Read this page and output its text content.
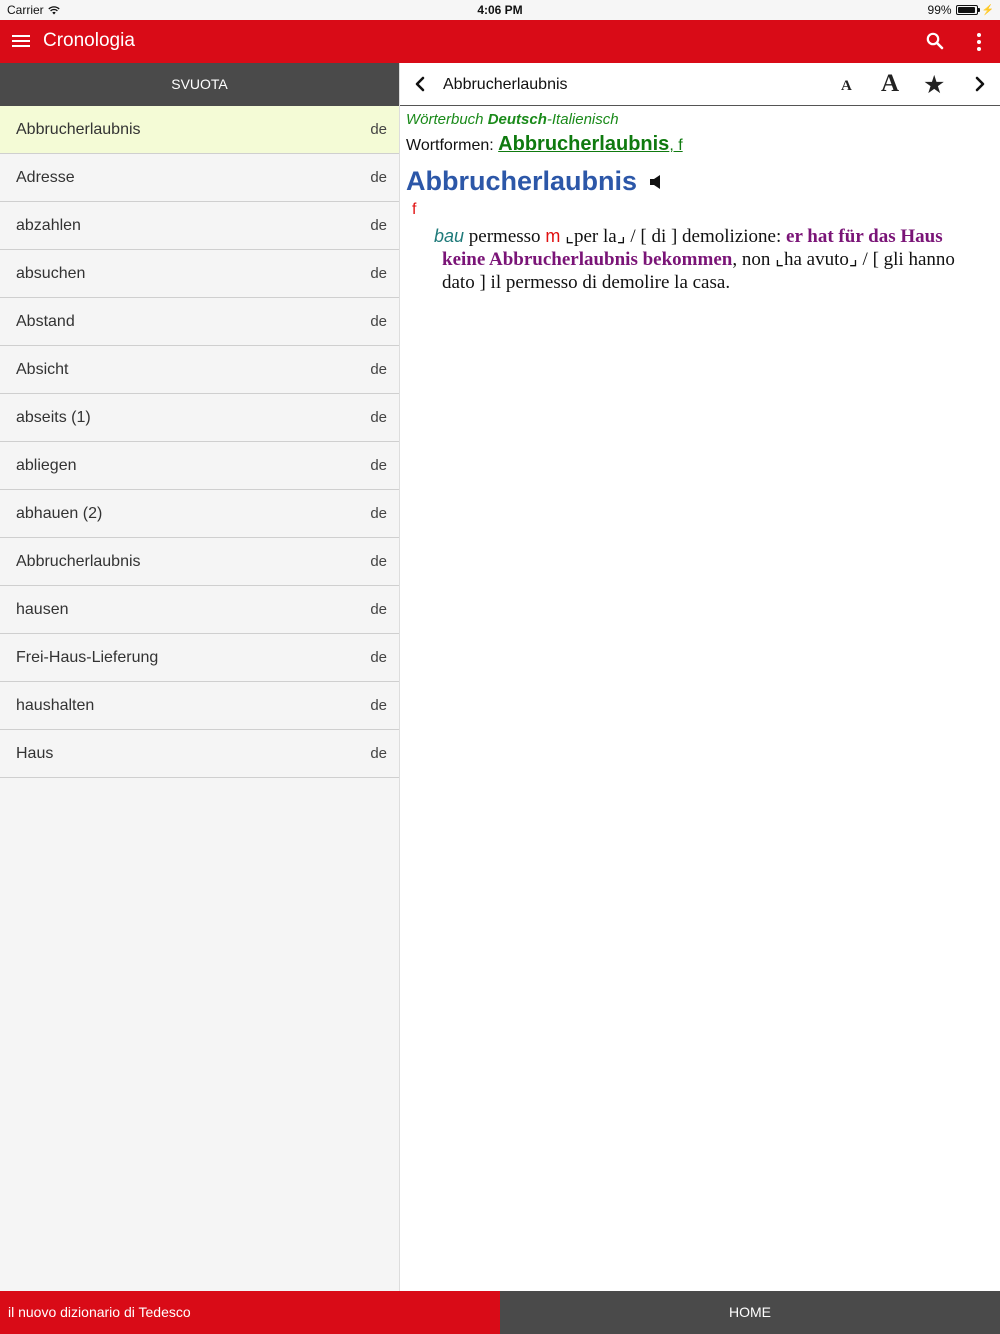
Carrier	4:06 PM	99%	⚡
Cronologia
SVUOTA
Abbrucherlaubnis	de
Adresse	de
abzahlen	de
absuchen	de
Abstand	de
Absicht	de
abseits (1)	de
abliegen	de
abhauen (2)	de
Abbrucherlaubnis	de
hausen	de
Frei-Haus-Lieferung	de
haushalten	de
Haus	de
Abbrucherlaubnis	A A ★
Wörterbuch Deutsch-Italienisch
Wortformen: Abbrucherlaubnis, f
Abbrucherlaubnis
f
bau permesso m ⌞per la⌟ / [ di ] demolizione: er hat für das Haus keine Abbrucherlaubnis bekommen, non ⌞ha avuto⌟ / [ gli hanno dato ] il permesso di demolire la casa.
il nuovo dizionario di Tedesco	HOME
